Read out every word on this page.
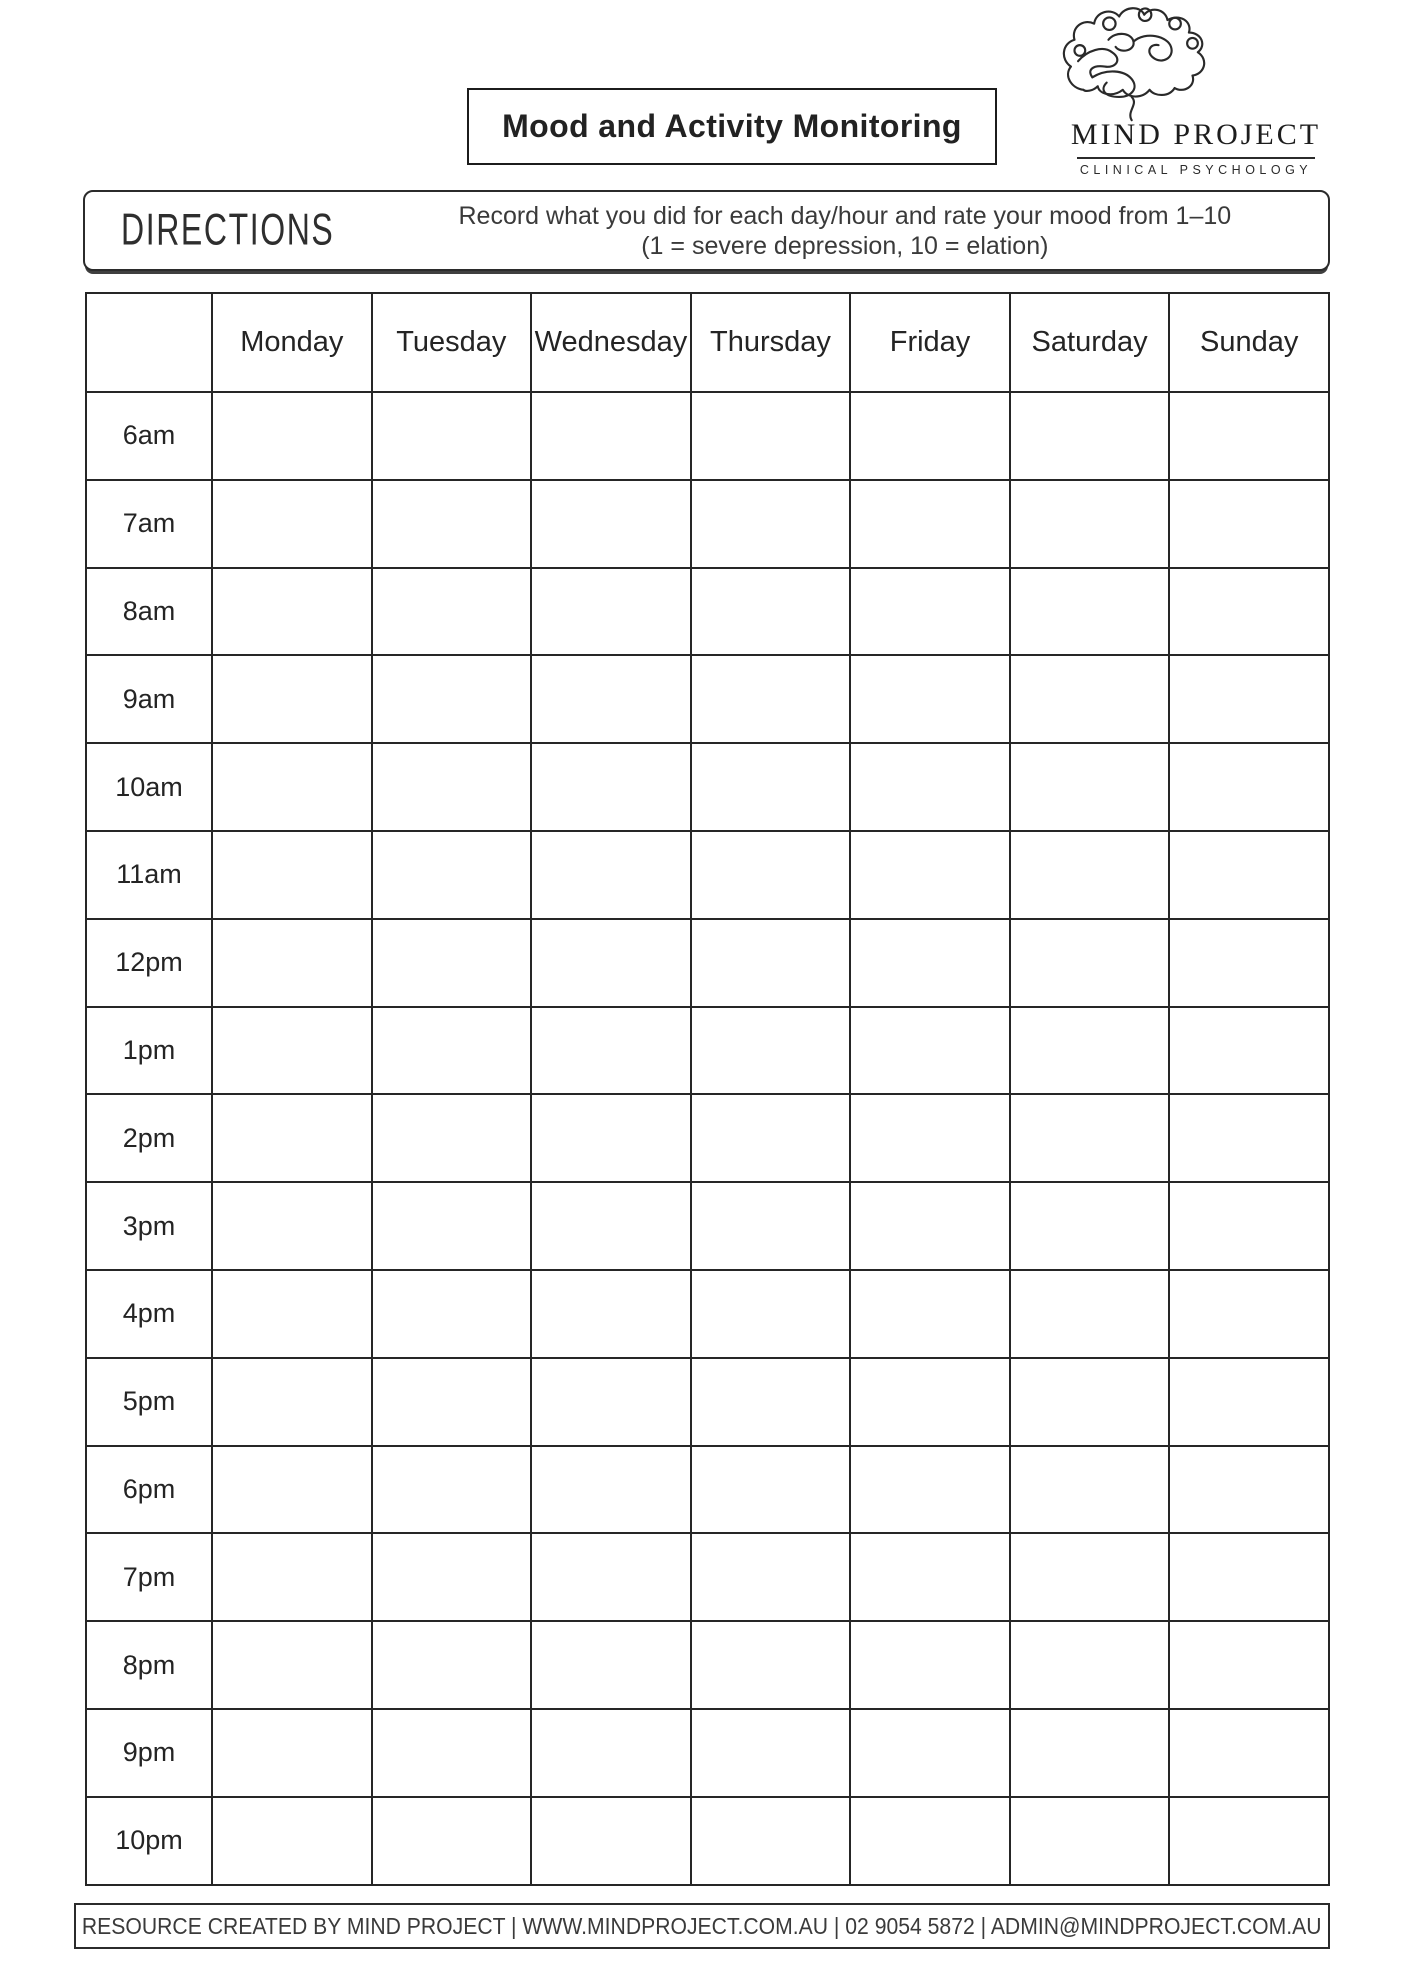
Mood and Activity Monitoring	MIND PROJECT
CLINICAL PSYCHOLOGY
DIRECTIONS	Record what you did for each day/hour and rate your mood from 1–10
(1 = severe depression, 10 = elation)
	Monday	Tuesday	Wednesday	Thursday	Friday	Saturday	Sunday
6am							
7am							
8am							
9am							
10am							
11am							
12pm							
1pm							
2pm							
3pm							
4pm							
5pm							
6pm							
7pm							
8pm							
9pm							
10pm							
RESOURCE CREATED BY MIND PROJECT | WWW.MINDPROJECT.COM.AU | 02 9054 5872 | ADMIN@MINDPROJECT.COM.AU
